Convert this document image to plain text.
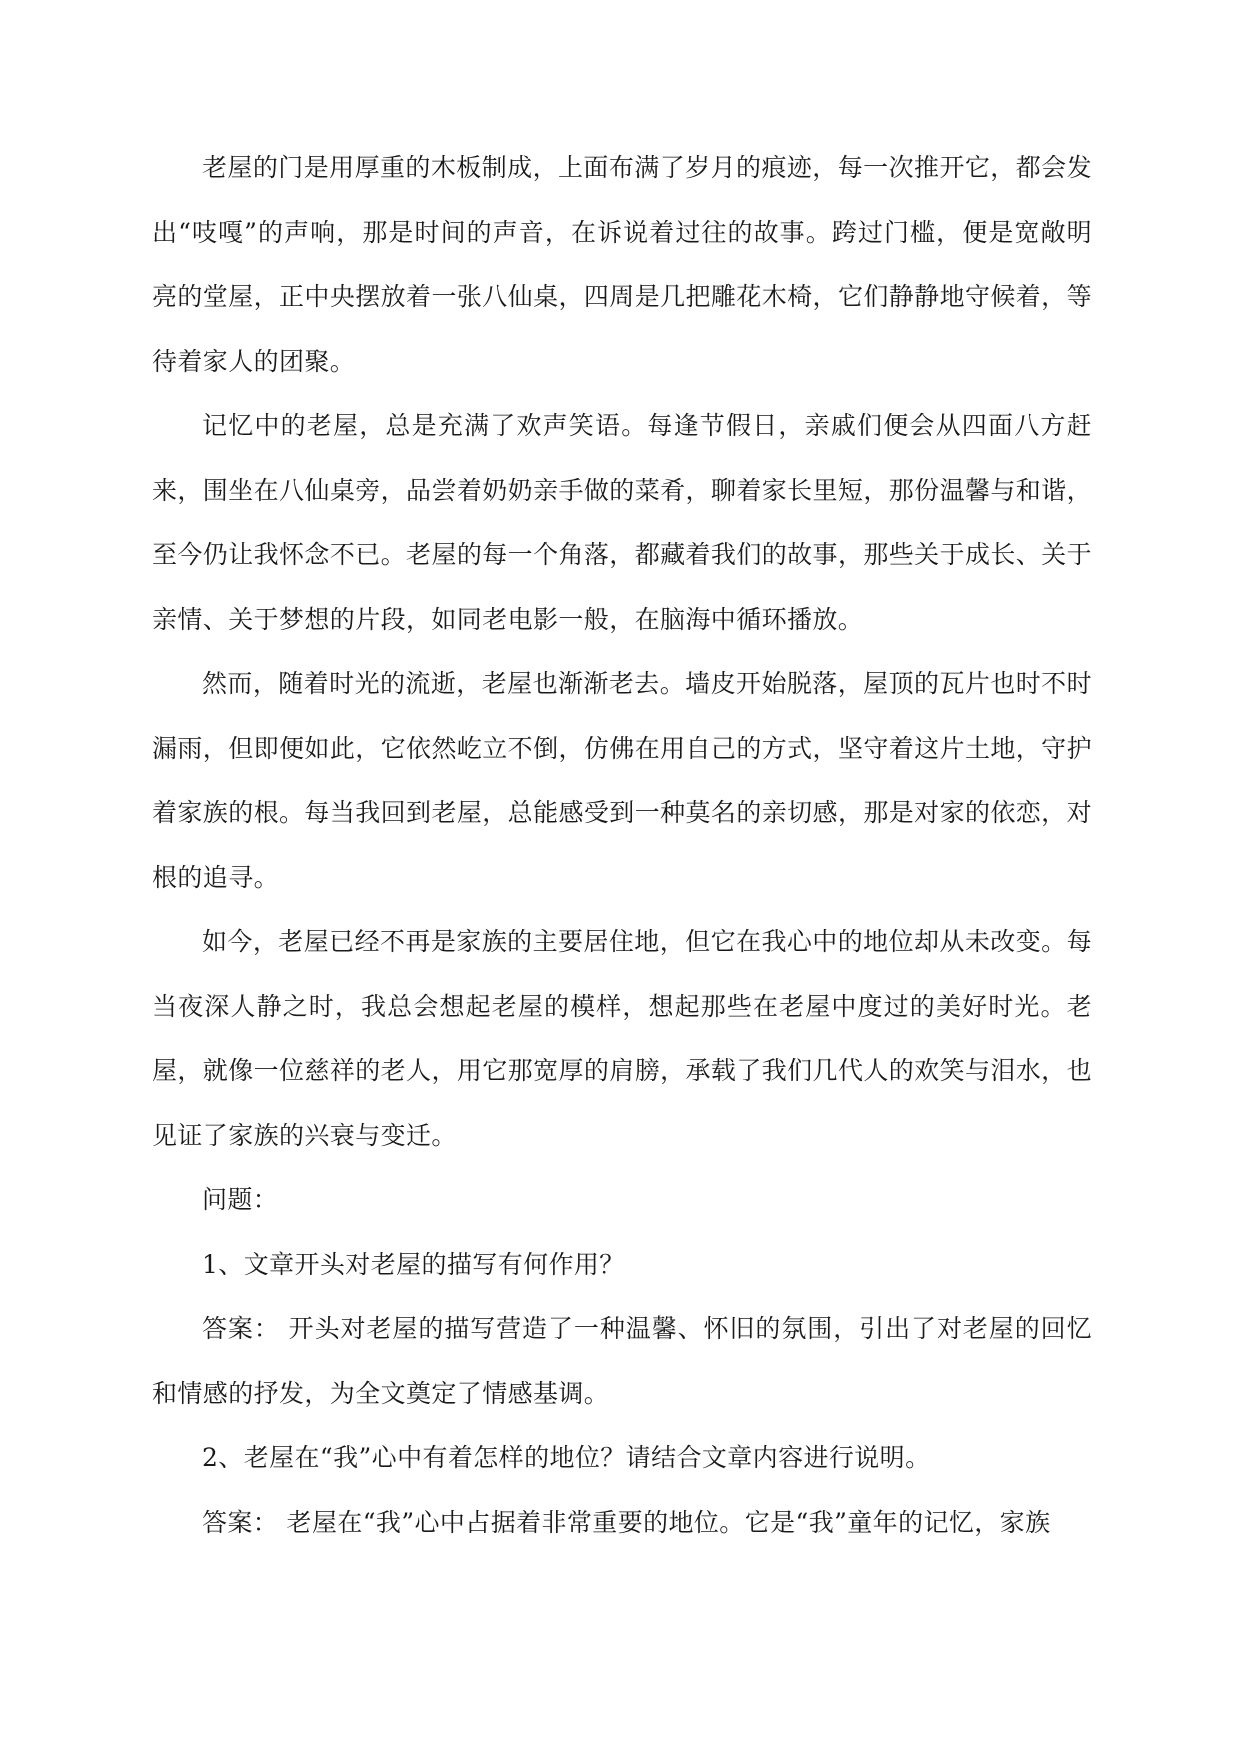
老屋的门是用厚重的木板制成，上面布满了岁月的痕迹，每一次推开它，都会发出“吱嘎”的声响，那是时间的声音，在诉说着过往的故事。跨过门槛，便是宽敞明亮的堂屋，正中央摆放着一张八仙桌，四周是几把雕花木椅，它们静静地守候着，等待着家人的团聚。

记忆中的老屋，总是充满了欢声笑语。每逢节假日，亲戚们便会从四面八方赶来，围坐在八仙桌旁，品尝着奶奶亲手做的菜肴，聊着家长里短，那份温馨与和谐，至今仍让我怀念不已。老屋的每一个角落，都藏着我们的故事，那些关于成长、关于亲情、关于梦想的片段，如同老电影一般，在脑海中循环播放。

然而，随着时光的流逝，老屋也渐渐老去。墙皮开始脱落，屋顶的瓦片也时不时漏雨，但即便如此，它依然屹立不倒，仿佛在用自己的方式，坚守着这片土地，守护着家族的根。每当我回到老屋，总能感受到一种莫名的亲切感，那是对家的依恋，对根的追寻。

如今，老屋已经不再是家族的主要居住地，但它在我心中的地位却从未改变。每当夜深人静之时，我总会想起老屋的模样，想起那些在老屋中度过的美好时光。老屋，就像一位慈祥的老人，用它那宽厚的肩膀，承载了我们几代人的欢笑与泪水，也见证了家族的兴衰与变迁。

问题：

1、文章开头对老屋的描写有何作用？

答案： 开头对老屋的描写营造了一种温馨、怀旧的氛围，引出了对老屋的回忆和情感的抒发，为全文奠定了情感基调。

2、老屋在“我”心中有着怎样的地位？请结合文章内容进行说明。

答案： 老屋在“我”心中占据着非常重要的地位。它是“我”童年的记忆，家族
